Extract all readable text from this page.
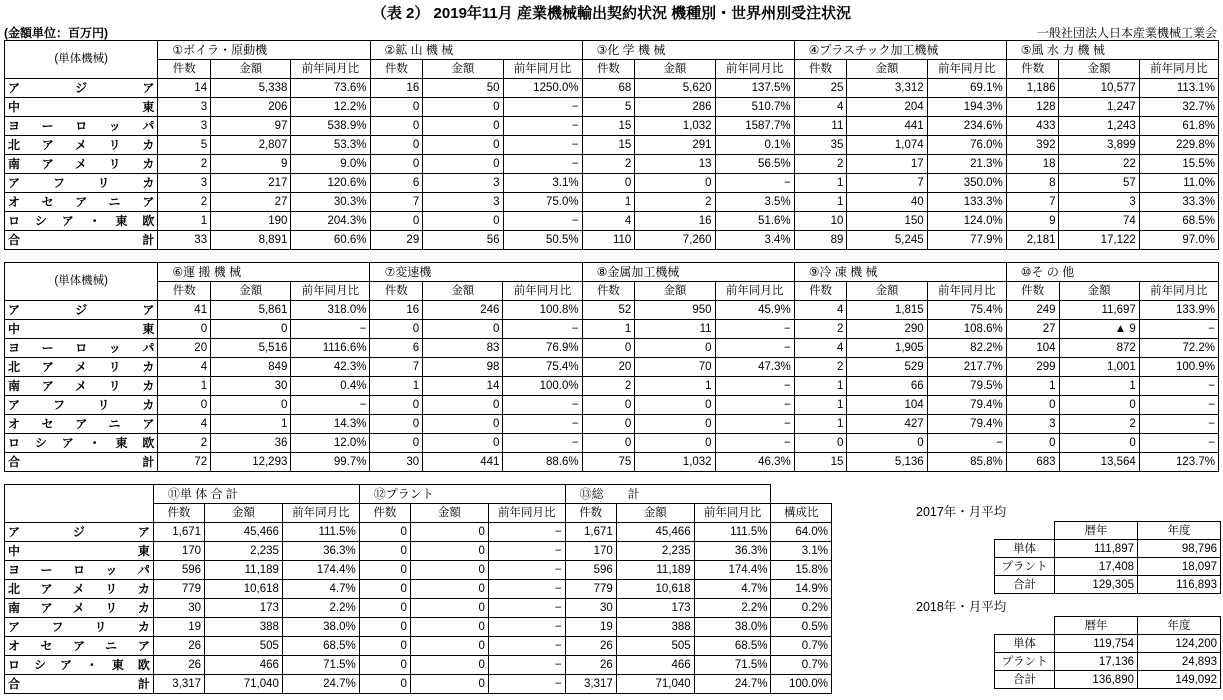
（表 2） 2019年11月 産業機械輸出契約状況 機種別・世界州別受注状況
(金額単位：百万円)	一般社団法人日本産業機械工業会
(単体機械)	①ボイラ・原動機			②鉱 山 機 械			③化 学 機 械			④プラスチック加工機械			⑤風 水 力 機 械		
	件数	金額	前年同月比	件数	金額	前年同月比	件数	金額	前年同月比	件数	金額	前年同月比	件数	金額	前年同月比
ア ジ ア	14	5,338	73.6%	16	50	1250.0%	68	5,620	137.5%	25	3,312	69.1%	1,186	10,577	113.1%
中 東	3	206	12.2%	0	0	−	5	286	510.7%	4	204	194.3%	128	1,247	32.7%
ヨーロッパ	3	97	538.9%	0	0	−	15	1,032	1587.7%	11	441	234.6%	433	1,243	61.8%
北アメリカ	5	2,807	53.3%	0	0	−	15	291	0.1%	35	1,074	76.0%	392	3,899	229.8%
南アメリカ	2	9	9.0%	0	0	−	2	13	56.5%	2	17	21.3%	18	22	15.5%
アフリカ	3	217	120.6%	6	3	3.1%	0	0	−	1	7	350.0%	8	57	11.0%
オセアニア	2	27	30.3%	7	3	75.0%	1	2	3.5%	1	40	133.3%	7	3	33.3%
ロシア・東欧	1	190	204.3%	0	0	−	4	16	51.6%	10	150	124.0%	9	74	68.5%
合 計	33	8,891	60.6%	29	56	50.5%	110	7,260	3.4%	89	5,245	77.9%	2,181	17,122	97.0%
(単体機械)	⑥運 搬 機 械			⑦変速機			⑧金属加工機械			⑨冷 凍 機 械			⑩そ の 他		
	件数	金額	前年同月比	件数	金額	前年同月比	件数	金額	前年同月比	件数	金額	前年同月比	件数	金額	前年同月比
ア ジ ア	41	5,861	318.0%	16	246	100.8%	52	950	45.9%	4	1,815	75.4%	249	11,697	133.9%
中 東	0	0	−	0	0	−	1	11	−	2	290	108.6%	27	▲ 9	−
ヨーロッパ	20	5,516	1116.6%	6	83	76.9%	0	0	−	4	1,905	82.2%	104	872	72.2%
北アメリカ	4	849	42.3%	7	98	75.4%	20	70	47.3%	2	529	217.7%	299	1,001	100.9%
南アメリカ	1	30	0.4%	1	14	100.0%	2	1	−	1	66	79.5%	1	1	−
アフリカ	0	0	−	0	0	−	0	0	−	1	104	79.4%	0	0	−
オセアニア	4	1	14.3%	0	0	−	0	0	−	1	427	79.4%	3	2	−
ロシア・東欧	2	36	12.0%	0	0	−	0	0	−	0	0	−	0	0	−
合 計	72	12,293	99.7%	30	441	88.6%	75	1,032	46.3%	15	5,136	85.8%	683	13,564	123.7%
	⑪単 体 合 計			⑫プラント			⑬総　　計			
	件数	金額	前年同月比	件数	金額	前年同月比	件数	金額	前年同月比	構成比
ア ジ ア	1,671	45,466	111.5%	0	0	−	1,671	45,466	111.5%	64.0%
中 東	170	2,235	36.3%	0	0	−	170	2,235	36.3%	3.1%
ヨーロッパ	596	11,189	174.4%	0	0	−	596	11,189	174.4%	15.8%
北アメリカ	779	10,618	4.7%	0	0	−	779	10,618	4.7%	14.9%
南アメリカ	30	173	2.2%	0	0	−	30	173	2.2%	0.2%
アフリカ	19	388	38.0%	0	0	−	19	388	38.0%	0.5%
オセアニア	26	505	68.5%	0	0	−	26	505	68.5%	0.7%
ロシア・東欧	26	466	71.5%	0	0	−	26	466	71.5%	0.7%
合 計	3,317	71,040	24.7%	0	0	−	3,317	71,040	24.7%	100.0%
2017年・月平均
	暦年	年度
単体	111,897	98,796
プラント	17,408	18,097
合計	129,305	116,893
2018年・月平均
	暦年	年度
単体	119,754	124,200
プラント	17,136	24,893
合計	136,890	149,092
